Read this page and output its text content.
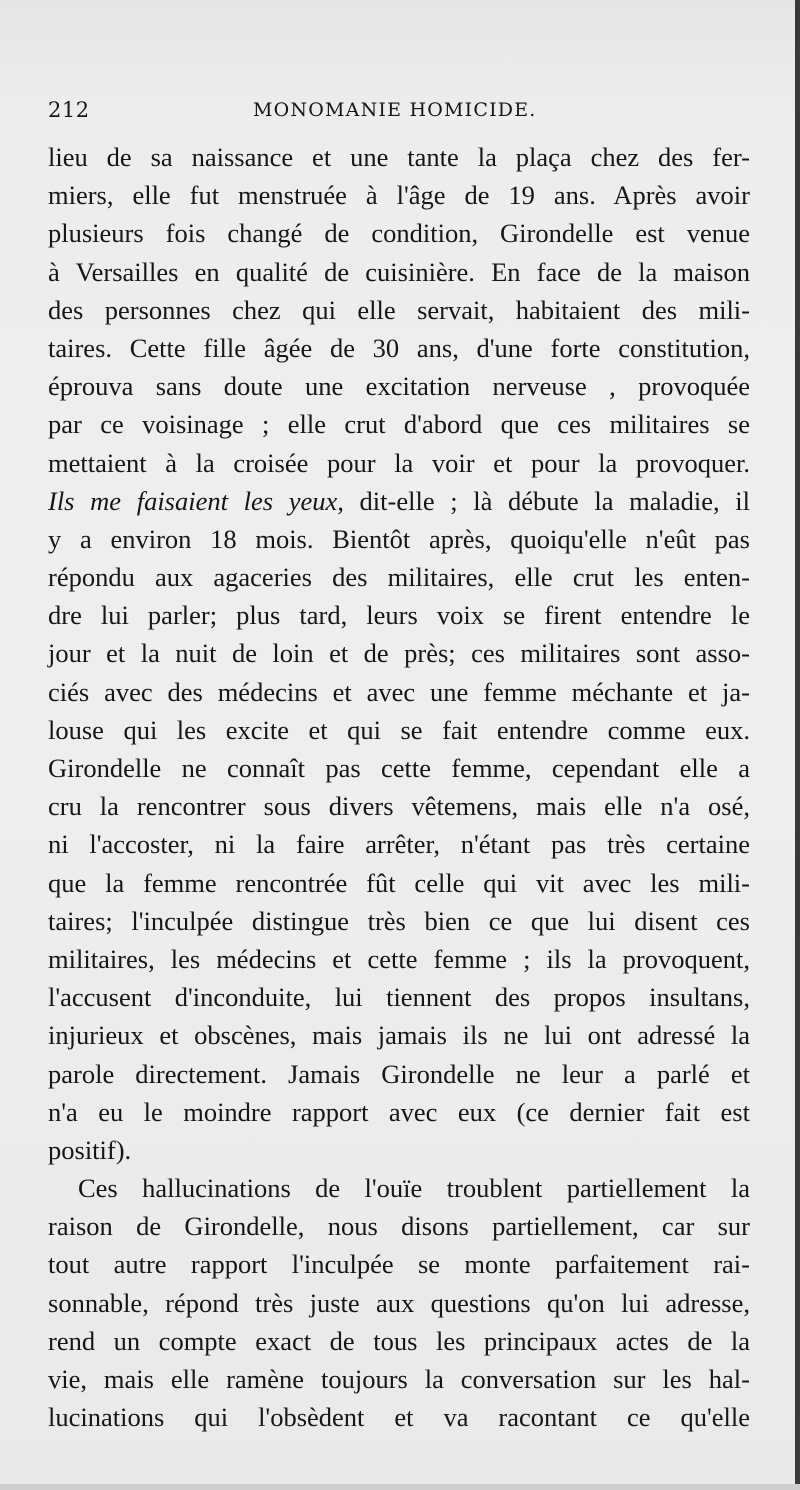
212	MONOMANIE HOMICIDE.
lieu de sa naissance et une tante la plaça chez des fer-
miers, elle fut menstruée à l'âge de 19 ans. Après avoir
plusieurs fois changé de condition, Girondelle est venue
à Versailles en qualité de cuisinière. En face de la maison
des personnes chez qui elle servait, habitaient des mili-
taires. Cette fille âgée de 30 ans, d'une forte constitution,
éprouva sans doute une excitation nerveuse , provoquée
par ce voisinage ; elle crut d'abord que ces militaires se
mettaient à la croisée pour la voir et pour la provoquer.
Ils me faisaient les yeux, dit-elle ; là débute la maladie, il
y a environ 18 mois. Bientôt après, quoiqu'elle n'eût pas
répondu aux agaceries des militaires, elle crut les enten-
dre lui parler; plus tard, leurs voix se firent entendre le
jour et la nuit de loin et de près; ces militaires sont asso-
ciés avec des médecins et avec une femme méchante et ja-
louse qui les excite et qui se fait entendre comme eux.
Girondelle ne connaît pas cette femme, cependant elle a
cru la rencontrer sous divers vêtemens, mais elle n'a osé,
ni l'accoster, ni la faire arrêter, n'étant pas très certaine
que la femme rencontrée fût celle qui vit avec les mili-
taires; l'inculpée distingue très bien ce que lui disent ces
militaires, les médecins et cette femme ; ils la provoquent,
l'accusent d'inconduite, lui tiennent des propos insultans,
injurieux et obscènes, mais jamais ils ne lui ont adressé la
parole directement. Jamais Girondelle ne leur a parlé et
n'a eu le moindre rapport avec eux (ce dernier fait est
positif).
Ces hallucinations de l'ouïe troublent partiellement la
raison de Girondelle, nous disons partiellement, car sur
tout autre rapport l'inculpée se monte parfaitement rai-
sonnable, répond très juste aux questions qu'on lui adresse,
rend un compte exact de tous les principaux actes de la
vie, mais elle ramène toujours la conversation sur les hal-
lucinations qui l'obsèdent et va racontant ce qu'elle
